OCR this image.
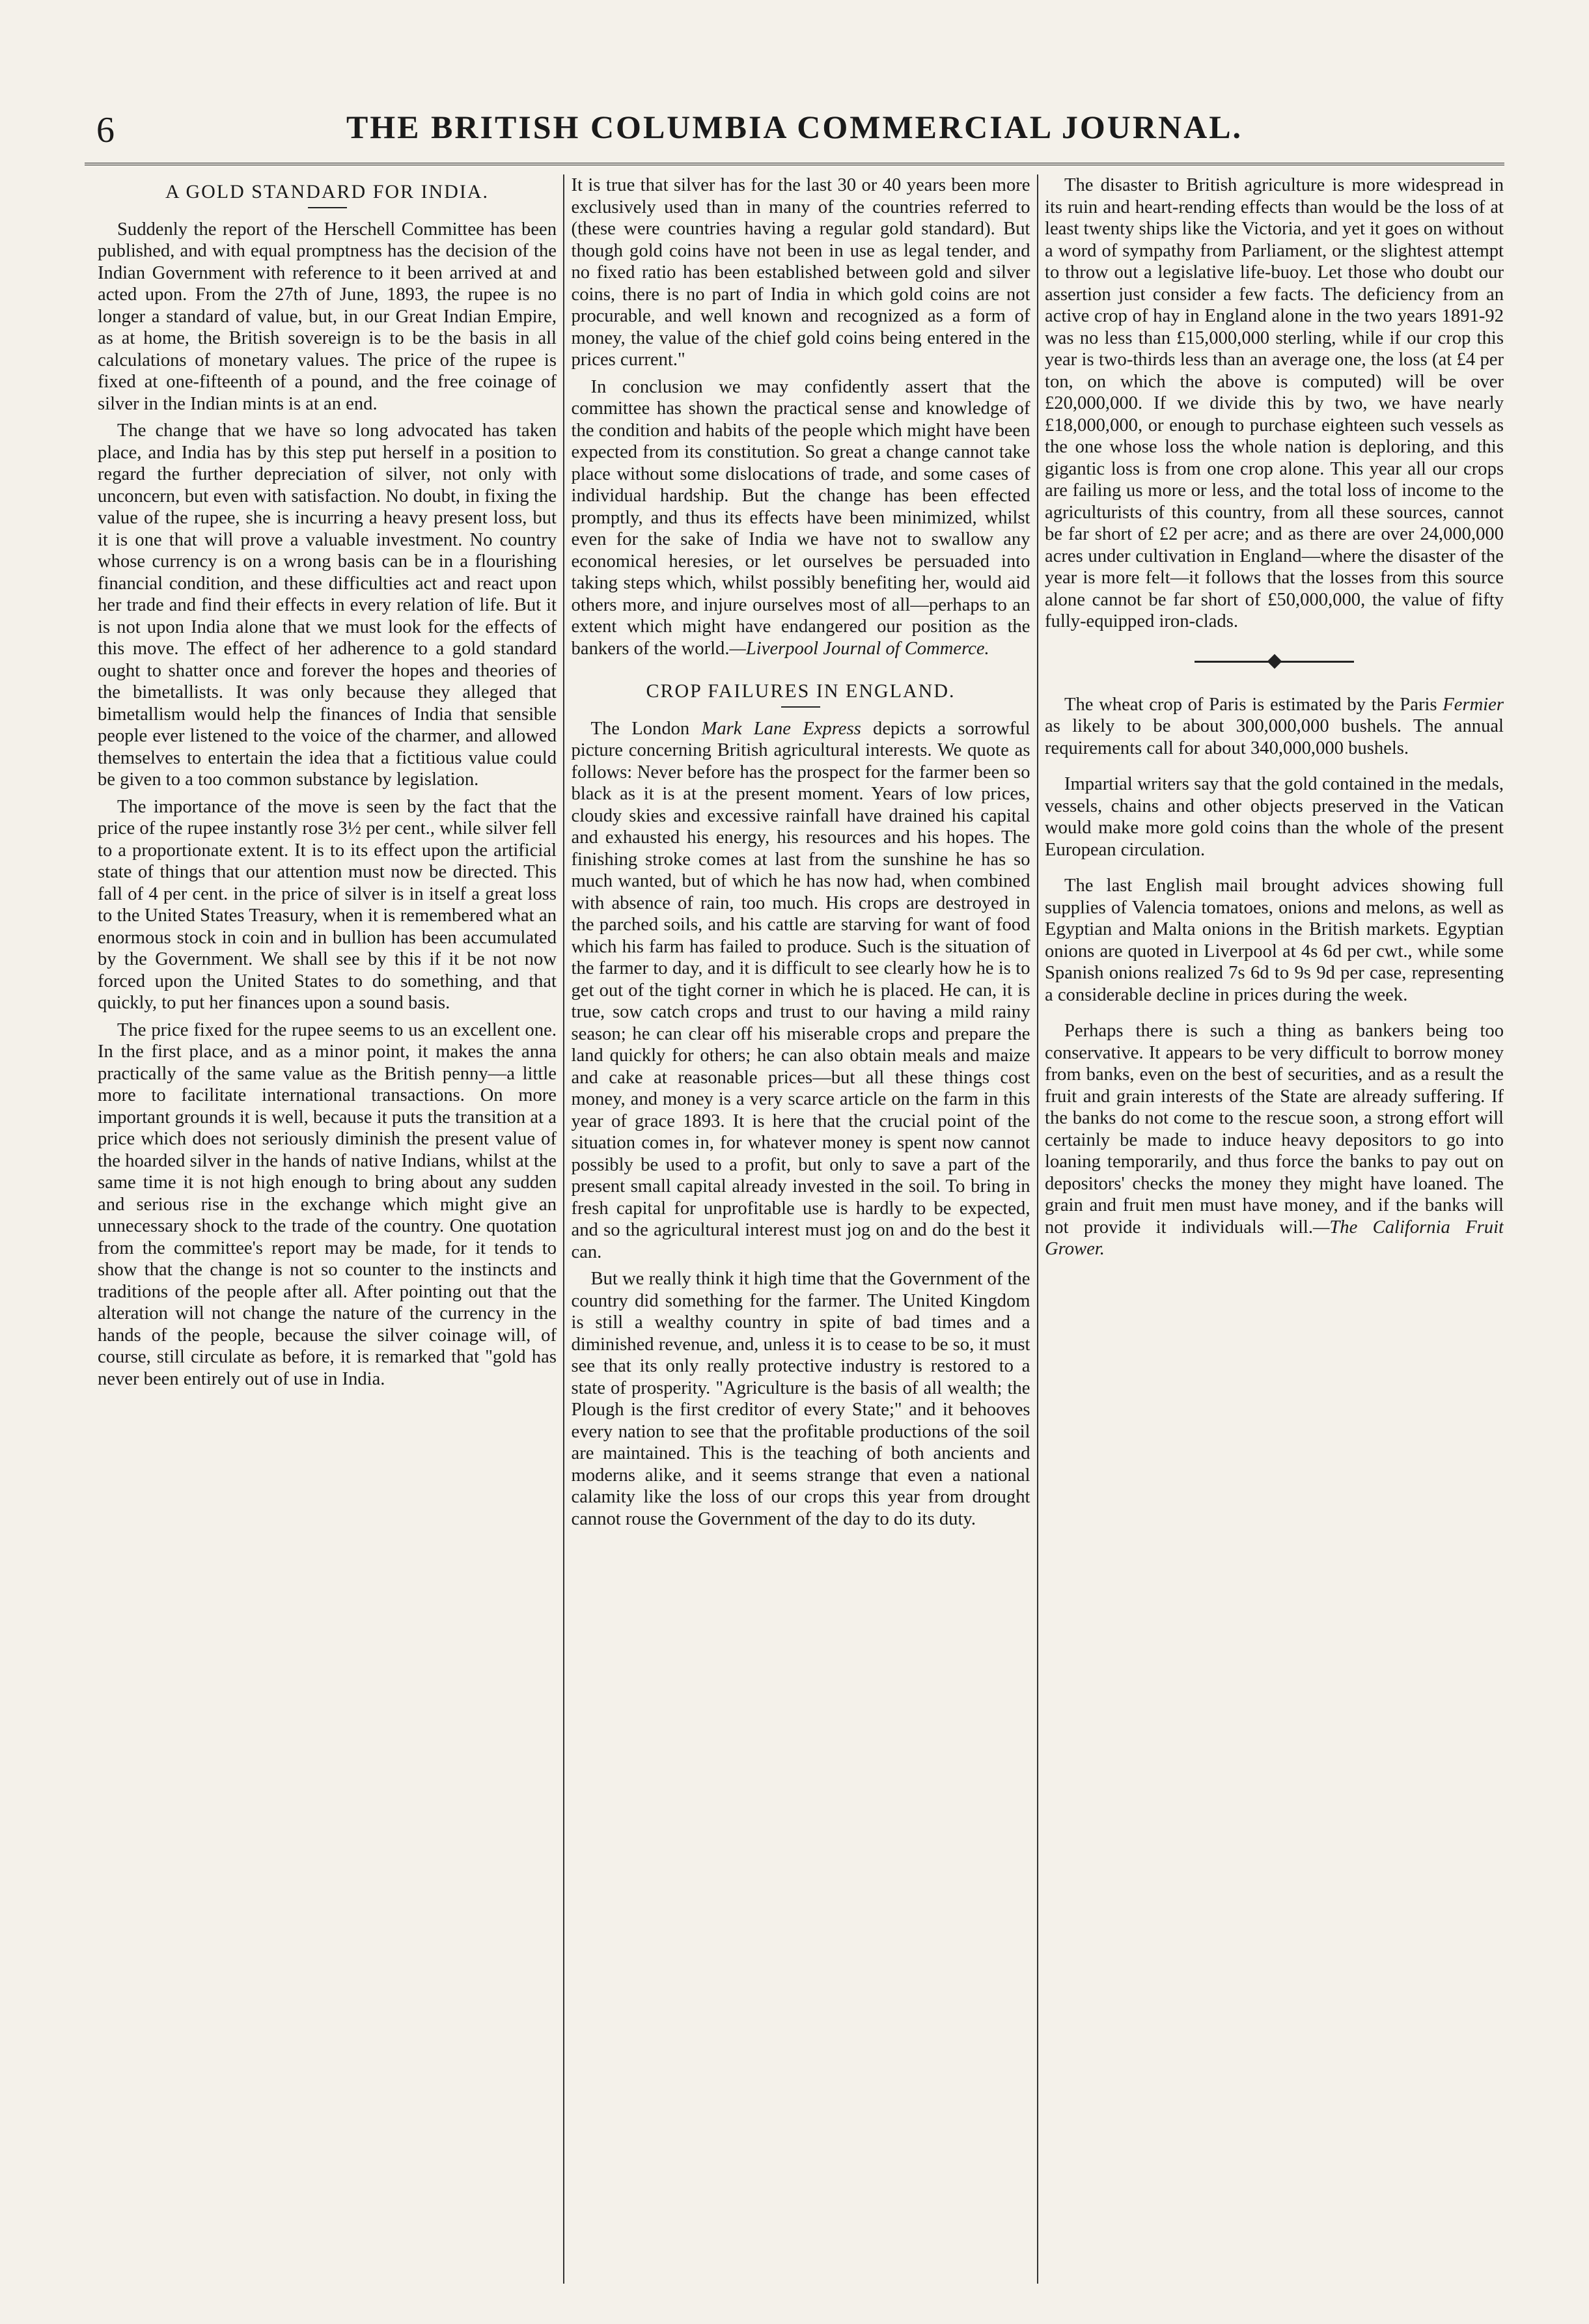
6	THE BRITISH COLUMBIA COMMERCIAL JOURNAL.
A GOLD STANDARD FOR INDIA.

Suddenly the report of the Herschell Committee has been published, and with equal promptness has the decision of the Indian Government with reference to it been arrived at and acted upon. From the 27th of June, 1893, the rupee is no longer a standard of value, but, in our Great Indian Empire, as at home, the British sovereign is to be the basis in all calculations of monetary values. The price of the rupee is fixed at one-fifteenth of a pound, and the free coinage of silver in the Indian mints is at an end.

The change that we have so long advocated has taken place, and India has by this step put herself in a position to regard the further depreciation of silver, not only with unconcern, but even with satisfaction. No doubt, in fixing the value of the rupee, she is incurring a heavy present loss, but it is one that will prove a valuable investment. No country whose currency is on a wrong basis can be in a flourishing financial condition, and these difficulties act and react upon her trade and find their effects in every relation of life. But it is not upon India alone that we must look for the effects of this move. The effect of her adherence to a gold standard ought to shatter once and forever the hopes and theories of the bimetallists. It was only because they alleged that bimetallism would help the finances of India that sensible people ever listened to the voice of the charmer, and allowed themselves to entertain the idea that a fictitious value could be given to a too common substance by legislation.

The importance of the move is seen by the fact that the price of the rupee instantly rose 3½ per cent., while silver fell to a proportionate extent. It is to its effect upon the artificial state of things that our attention must now be directed. This fall of 4 per cent. in the price of silver is in itself a great loss to the United States Treasury, when it is remembered what an enormous stock in coin and in bullion has been accumulated by the Government. We shall see by this if it be not now forced upon the United States to do something, and that quickly, to put her finances upon a sound basis.

The price fixed for the rupee seems to us an excellent one. In the first place, and as a minor point, it makes the anna practically of the same value as the British penny—a little more to facilitate international transactions. On more important grounds it is well, because it puts the transition at a price which does not seriously diminish the present value of the hoarded silver in the hands of native Indians, whilst at the same time it is not high enough to bring about any sudden and serious rise in the exchange which might give an unnecessary shock to the trade of the country. One quotation from the committee's report may be made, for it tends to show that the change is not so counter to the instincts and traditions of the people after all. After pointing out that the alteration will not change the nature of the currency in the hands of the people, because the silver coinage will, of course, still circulate as before, it is remarked that "gold has never been entirely out of use in India.

It is true that silver has for the last 30 or 40 years been more exclusively used than in many of the countries referred to (these were countries having a regular gold standard). But though gold coins have not been in use as legal tender, and no fixed ratio has been established between gold and silver coins, there is no part of India in which gold coins are not procurable, and well known and recognized as a form of money, the value of the chief gold coins being entered in the prices current."

In conclusion we may confidently assert that the committee has shown the practical sense and knowledge of the condition and habits of the people which might have been expected from its constitution. So great a change cannot take place without some dislocations of trade, and some cases of individual hardship. But the change has been effected promptly, and thus its effects have been minimized, whilst even for the sake of India we have not to swallow any economical heresies, or let ourselves be persuaded into taking steps which, whilst possibly benefiting her, would aid others more, and injure ourselves most of all—perhaps to an extent which might have endangered our position as the bankers of the world.—Liverpool Journal of Commerce.

CROP FAILURES IN ENGLAND.

The London Mark Lane Express depicts a sorrowful picture concerning British agricultural interests. We quote as follows: Never before has the prospect for the farmer been so black as it is at the present moment. Years of low prices, cloudy skies and excessive rainfall have drained his capital and exhausted his energy, his resources and his hopes. The finishing stroke comes at last from the sunshine he has so much wanted, but of which he has now had, when combined with absence of rain, too much. His crops are destroyed in the parched soils, and his cattle are starving for want of food which his farm has failed to produce. Such is the situation of the farmer to day, and it is difficult to see clearly how he is to get out of the tight corner in which he is placed. He can, it is true, sow catch crops and trust to our having a mild rainy season; he can clear off his miserable crops and prepare the land quickly for others; he can also obtain meals and maize and cake at reasonable prices—but all these things cost money, and money is a very scarce article on the farm in this year of grace 1893. It is here that the crucial point of the situation comes in, for whatever money is spent now cannot possibly be used to a profit, but only to save a part of the present small capital already invested in the soil. To bring in fresh capital for unprofitable use is hardly to be expected, and so the agricultural interest must jog on and do the best it can.

But we really think it high time that the Government of the country did something for the farmer. The United Kingdom is still a wealthy country in spite of bad times and a diminished revenue, and, unless it is to cease to be so, it must see that its only really protective industry is restored to a state of prosperity. "Agriculture is the basis of all wealth; the Plough is the first creditor of every State;" and it behooves every nation to see that the profitable productions of the soil are maintained. This is the teaching of both ancients and moderns alike, and it seems strange that even a national calamity like the loss of our crops this year from drought cannot rouse the Government of the day to do its duty.

The disaster to British agriculture is more widespread in its ruin and heart-rending effects than would be the loss of at least twenty ships like the Victoria, and yet it goes on without a word of sympathy from Parliament, or the slightest attempt to throw out a legislative life-buoy. Let those who doubt our assertion just consider a few facts. The deficiency from an active crop of hay in England alone in the two years 1891-92 was no less than £15,000,000 sterling, while if our crop this year is two-thirds less than an average one, the loss (at £4 per ton, on which the above is computed) will be over £20,000,000. If we divide this by two, we have nearly £18,000,000, or enough to purchase eighteen such vessels as the one whose loss the whole nation is deploring, and this gigantic loss is from one crop alone. This year all our crops are failing us more or less, and the total loss of income to the agriculturists of this country, from all these sources, cannot be far short of £2 per acre; and as there are over 24,000,000 acres under cultivation in England—where the disaster of the year is more felt—it follows that the losses from this source alone cannot be far short of £50,000,000, the value of fifty fully-equipped iron-clads.

The wheat crop of Paris is estimated by the Paris Fermier as likely to be about 300,000,000 bushels. The annual requirements call for about 340,000,000 bushels.

Impartial writers say that the gold contained in the medals, vessels, chains and other objects preserved in the Vatican would make more gold coins than the whole of the present European circulation.

The last English mail brought advices showing full supplies of Valencia tomatoes, onions and melons, as well as Egyptian and Malta onions in the British markets. Egyptian onions are quoted in Liverpool at 4s 6d per cwt., while some Spanish onions realized 7s 6d to 9s 9d per case, representing a considerable decline in prices during the week.

Perhaps there is such a thing as bankers being too conservative. It appears to be very difficult to borrow money from banks, even on the best of securities, and as a result the fruit and grain interests of the State are already suffering. If the banks do not come to the rescue soon, a strong effort will certainly be made to induce heavy depositors to go into loaning temporarily, and thus force the banks to pay out on depositors' checks the money they might have loaned. The grain and fruit men must have money, and if the banks will not provide it individuals will.—The California Fruit Grower.
